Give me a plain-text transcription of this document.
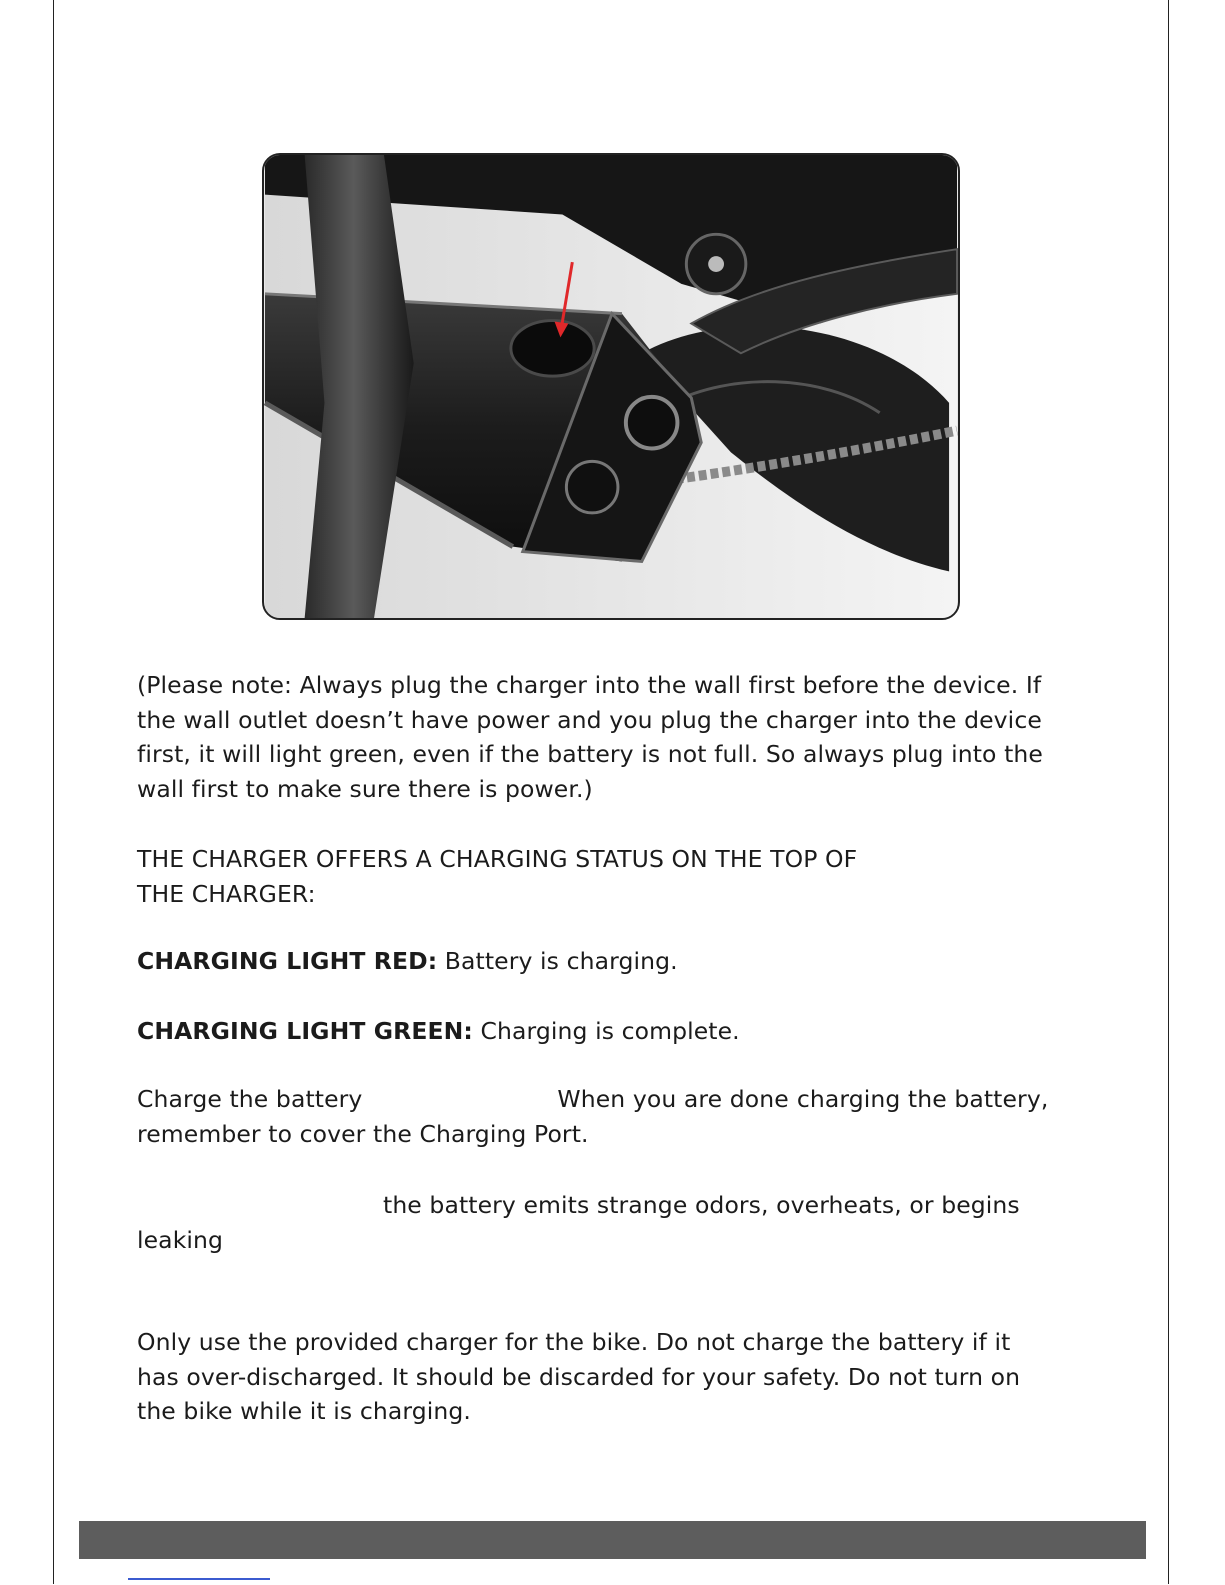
(Please note: Always plug the charger into the wall first before the device. If
the wall outlet doesn’t have power and you plug the charger into the device
first, it will light green, even if the battery is not full. So always plug into the
wall first to make sure there is power.)

THE CHARGER OFFERS A CHARGING STATUS ON THE TOP OF
THE CHARGER:

CHARGING LIGHT RED: Battery is charging.

CHARGING LIGHT GREEN: Charging is complete.

Charge the battery	When you are done charging the battery,
remember to cover the Charging Port.

the battery emits strange odors, overheats, or begins
leaking

Only use the provided charger for the bike. Do not charge the battery if it
has over-discharged. It should be discarded for your safety. Do not turn on
the bike while it is charging.
